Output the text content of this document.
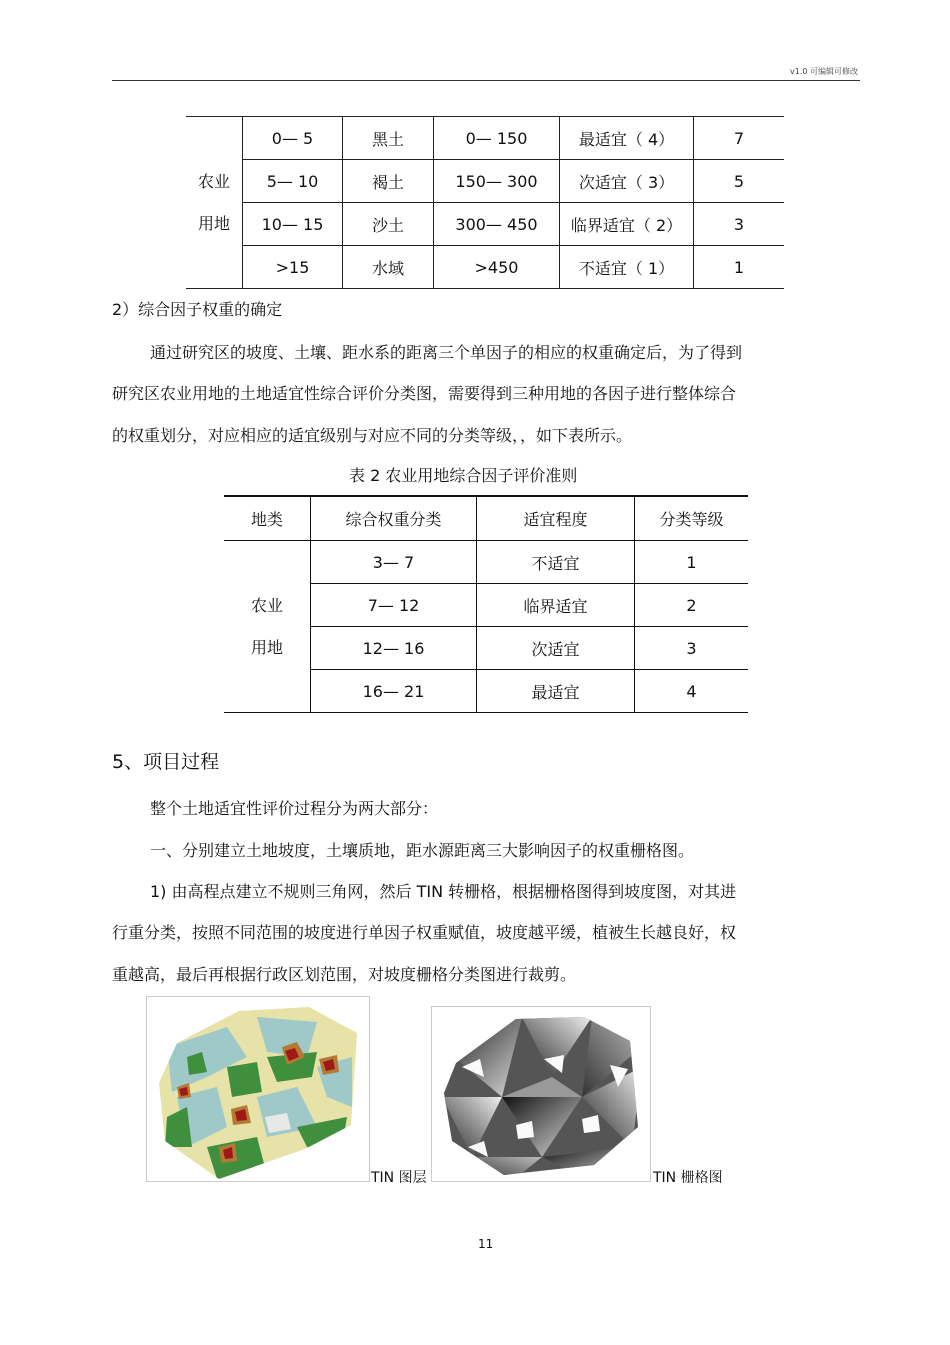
v1.0 可编辑可修改
农业
用地	0— 5	黑土	0— 150	最适宜（ 4）	7
	5— 10	褐土	150— 300	次适宜（ 3）	5
	10— 15	沙土	300— 450	临界适宜（ 2）	3
	>15	水域	>450	不适宜（ 1）	1
2）综合因子权重的确定
通过研究区的坡度、土壤、距水系的距离三个单因子的相应的权重确定后，为了得到
研究区农业用地的土地适宜性综合评价分类图，需要得到三种用地的各因子进行整体综合
的权重划分，对应相应的适宜级别与对应不同的分类等级，，如下表所示。
表 2 农业用地综合因子评价准则
地类	综合权重分类	适宜程度	分类等级
农业
用地	3— 7	不适宜	1
	7— 12	临界适宜	2
	12— 16	次适宜	3
	16— 21	最适宜	4
5、项目过程
整个土地适宜性评价过程分为两大部分：
一、分别建立土地坡度，土壤质地，距水源距离三大影响因子的权重栅格图。
1) 由高程点建立不规则三角网，然后 TIN 转栅格，根据栅格图得到坡度图，对其进
行重分类，按照不同范围的坡度进行单因子权重赋值，坡度越平缓，植被生长越良好，权
重越高，最后再根据行政区划范围，对坡度栅格分类图进行裁剪。
TIN 图层	TIN 栅格图
11
